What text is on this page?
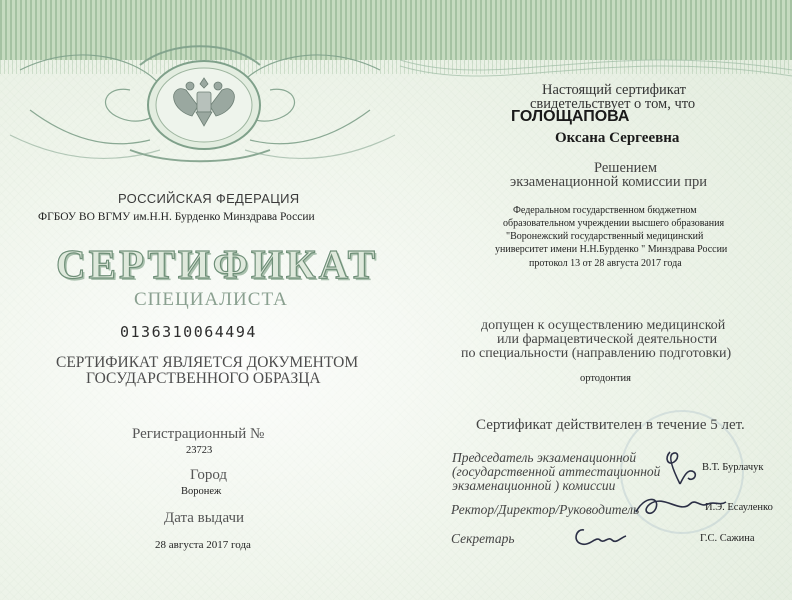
РОССИЙСКАЯ ФЕДЕРАЦИЯ
ФГБОУ ВО ВГМУ им.Н.Н. Бурденко Минздрава России
СЕРТИФИКАТ
СПЕЦИАЛИСТА
0136310064494
СЕРТИФИКАТ ЯВЛЯЕТСЯ ДОКУМЕНТОМ
ГОСУДАРСТВЕННОГО ОБРАЗЦА
Регистрационный №
23723
Город
Воронеж
Дата выдачи
28 августа 2017 года
Настоящий сертификат
свидетельствует о том, что
ГОЛОЩАПОВА
Оксана Сергеевна
Решением
экзаменационной комиссии при
Федеральном государственном бюджетном
образовательном учреждении высшего образования
"Воронежский государственный медицинский
университет имени Н.Н.Бурденко " Минздрава России
протокол 13 от 28 августа 2017 года
допущен к осуществлению медицинской
или фармацевтической деятельности
по специальности (направлению подготовки)
ортодонтия
Сертификат действителен в течение 5 лет.
Председатель экзаменационной
(государственной аттестационной
экзаменационной ) комиссии
В.Т. Бурлачук
Ректор/Директор/Руководитель	И.Э. Есауленко
Секретарь	Г.С. Сажина
